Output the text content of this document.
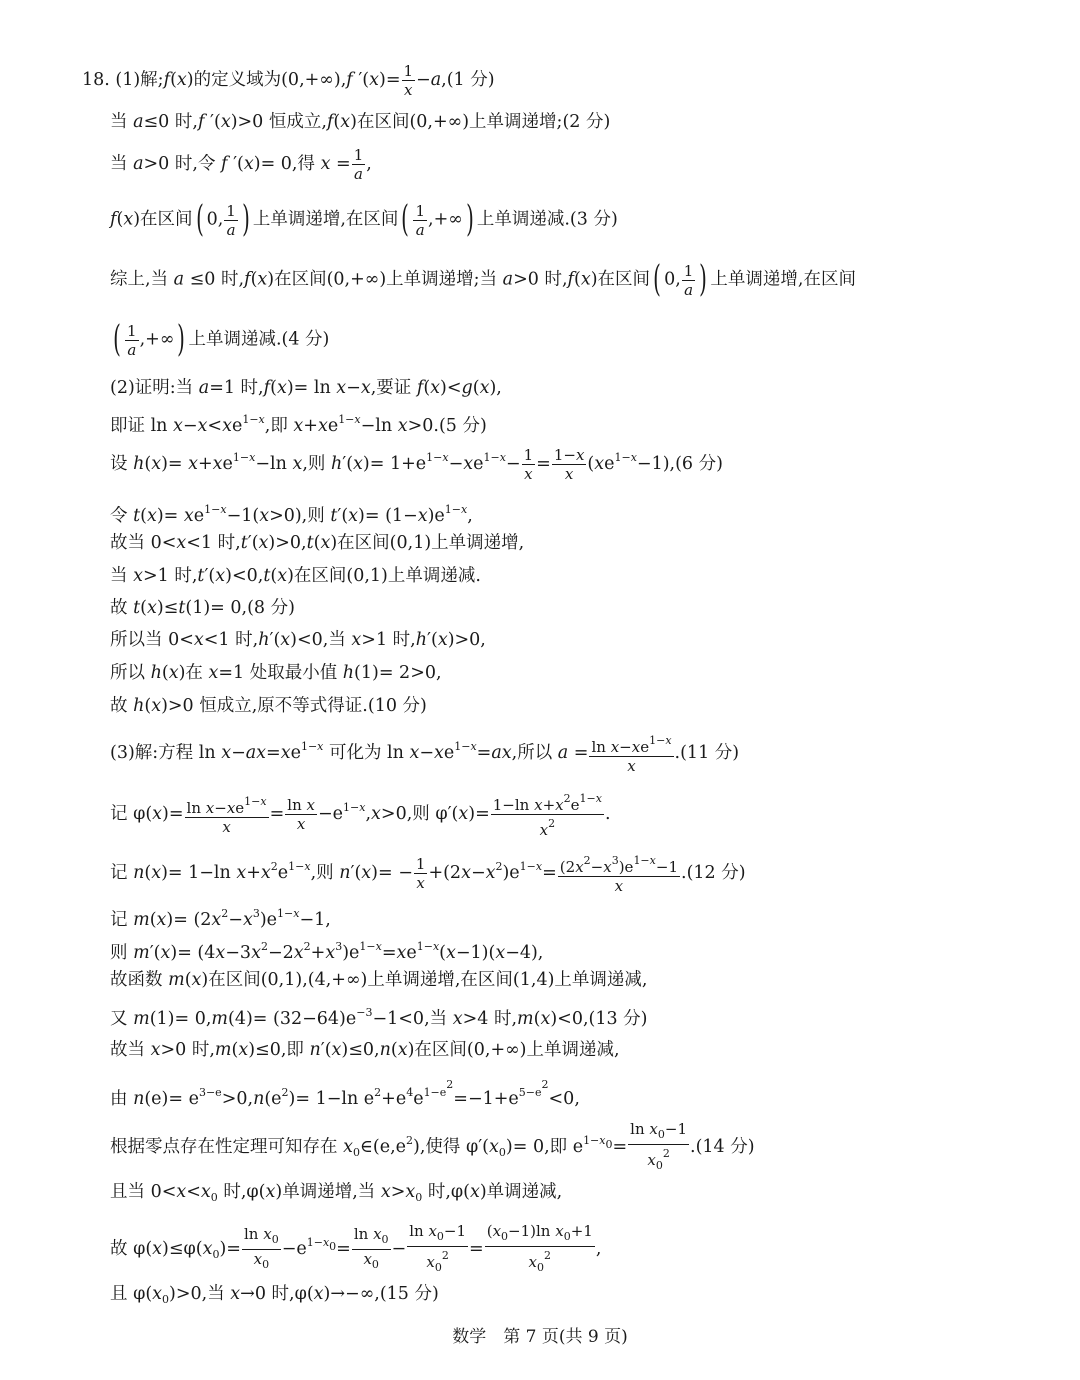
18. (1)解;f(x)的定义域为(0,+∞),f $'(x)= \frac{1}{x} -a,(1$ 分)
当 a≤0 时,f ′(x)>0 恒成立,f(x)在区间(0,+∞)上单调递增;(2 分)
当 a>0 时,令 f ′(x)= 0,得 $x = \frac{1}{a}$ ,
f(x)在区间( 0, $\frac{1}{a}$ ) 上单调递增,在区间( $\frac{1}{a}$ ,+∞) 上单调递减.(3 分)
综上,当 a ≤0 时,f(x)在区间(0,+∞)上单调递增;当 a>0 时,f(x)在区间( 0, $\frac{1}{a}$ ) 上单调递增,在区间
( $\frac{1}{a}$ ,+∞) 上单调递减.(4 分)
(2)证明:当 a=1 时,f(x)= ln x−x,要证 f(x)<g(x),
即证 $\ln x-x<xe^{1-x}$,即 $x+xe^{1-x}-\ln$ x>0.(5 分)
设 $h(x)= x+xe^{1-x}-\ln$ x,则 $h'(x)= 1+e^{1-x}-xe^{1-x}- \frac{1}{x} = \frac{1-x}{x} (xe^{1-x}-1),(6$ 分)
令 $t(x)= xe^{1-x}-1(x>0)$,则 $t'(x)= (1-x)e^{1-x}$,
故当 0<x<1 时,t′(x)>0,t(x)在区间(0,1)上单调递增,
当 x>1 时,t′(x)<0,t(x)在区间(0,1)上单调递减.
故 t(x)≤t(1)= 0,(8 分)
所以当 0<x<1 时,h′(x)<0,当 x>1 时,h′(x)>0,
所以 h(x)在 x=1 处取最小值 h(1)= 2>0,
故 h(x)>0 恒成立,原不等式得证.(10 分)
(3)解:方程 $\ln x-ax=xe^{1-x}$ 可化为 $\ln x-xe^{1-x}=ax$,所以 $a = \frac{\ln x-xe^{1-x}}{x} .(11$ 分)
记 $\varphi(x)= \frac{\ln x-xe^{1-x}}{x} = \frac{\text{ln x}}{x} -e^{1-x},x>0$,则 $\varphi'(x)= \frac{1-\ln x+x^2e^{1-x}}{x^2}$ .
记 n(x)= 1−ln $x+x^2e^{1-x}$,则 $n'(x)= - \frac{1}{x} +(2x-x^2)e^{1-x}= \frac{(2x^2-x^3)e^{1-x}-1}{x} .(12$ 分)
记 $m(x)= (2x^2-x^3)e^{1-x}-1$,
则 $m'(x)= (4x-3x^2-2x^2+x^3)e^{1-x}=xe^{1-x}(x-1)(x-4)$,
故函数 m(x)在区间(0,1),(4,+∞)上单调递增,在区间(1,4)上单调递减,
又 $m(1)= 0,m(4)= (32-64)e^{-3}-1<0$,当 x>4 时,m(x)<0,(13 分)
故当 x>0 时,m(x)≤0,即 n′(x)≤0,n(x)在区间(0,+∞)上单调递减,
由 $n(e)= e^{3-e}>0,n(e^2)= 1-\ln$ $e^2+e^4e^{1-e2}=-1+e^{5-e2}<0$,
根据零点存在性定理可知存在 $x_0\in(e,e^2)$,使得 $\varphi'(x_0)= 0$,即 $e^{1-x0}= \frac{\ln x_0-1}{x_0^2} .(14$ 分)
且当 $0<x<x_0$ 时,φ(x)单调递增,当 $x>x_0$ 时,φ(x)单调递减,
故 $\varphi(x)\le\varphi(x_0)= \frac{\ln x_0}{x_0} -e^{1-x0}= \frac{\ln x_0}{x_0} - \frac{\ln x_0-1}{x_0^2} = \frac{(x_0-1)\ln x_0+1}{x_0^2}$ ,
且 $\varphi(x_0)>0$,当 x→0 时,φ(x)→−∞,(15 分)
数学　第 7 页(共 9 页)
